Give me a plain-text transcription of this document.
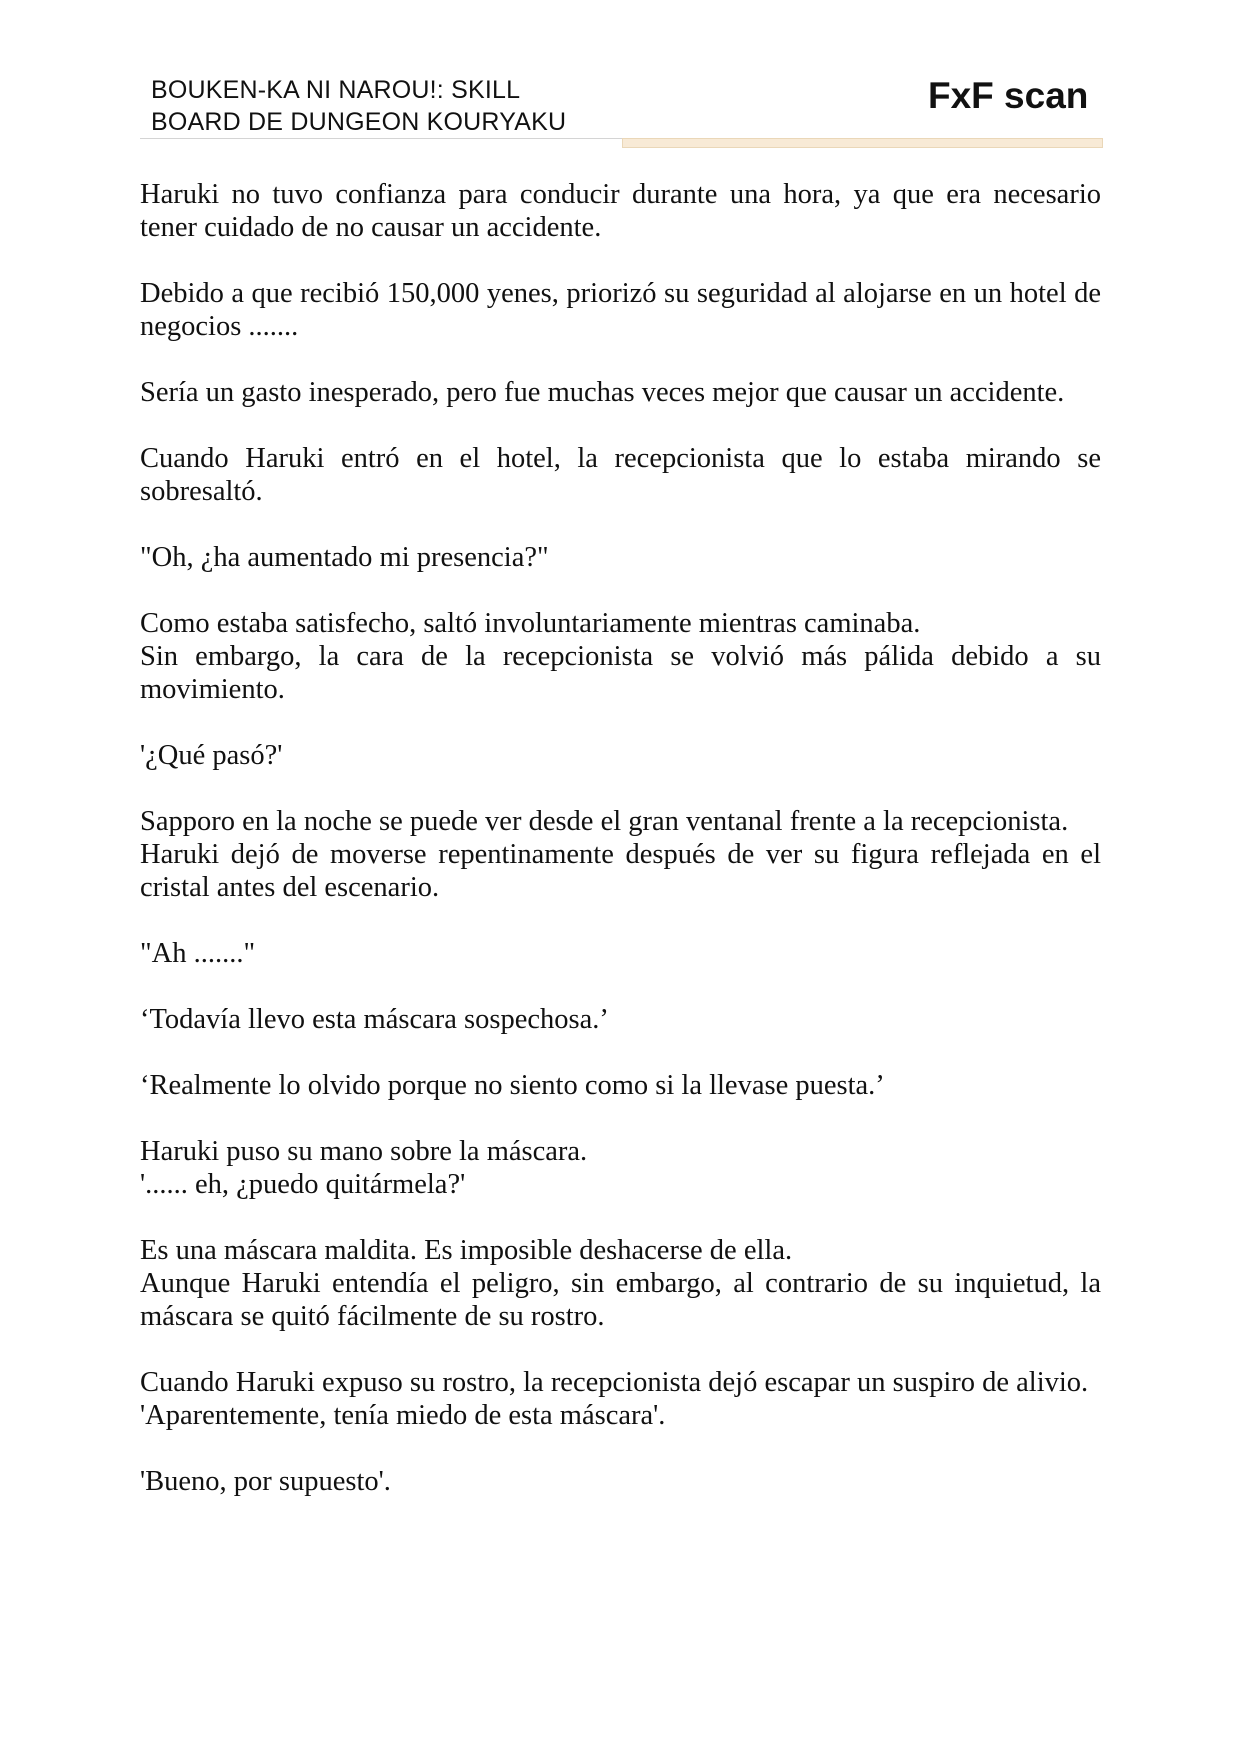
BOUKEN-KA NI NAROU!: SKILL
BOARD DE DUNGEON KOURYAKU
FxF scan

Haruki no tuvo confianza para conducir durante una hora, ya que era necesario tener cuidado de no causar un accidente.

Debido a que recibió 150,000 yenes, priorizó su seguridad al alojarse en un hotel de negocios .......

Sería un gasto inesperado, pero fue muchas veces mejor que causar un accidente.

Cuando Haruki entró en el hotel, la recepcionista que lo estaba mirando se sobresaltó.

"Oh, ¿ha aumentado mi presencia?"

Como estaba satisfecho, saltó involuntariamente mientras caminaba.
Sin embargo, la cara de la recepcionista se volvió más pálida debido a su movimiento.

'¿Qué pasó?'

Sapporo en la noche se puede ver desde el gran ventanal frente a la recepcionista.
Haruki dejó de moverse repentinamente después de ver su figura reflejada en el cristal antes del escenario.

"Ah ......."

‘Todavía llevo esta máscara sospechosa.’

‘Realmente lo olvido porque no siento como si la llevase puesta.’

Haruki puso su mano sobre la máscara.
'...... eh, ¿puedo quitármela?'

Es una máscara maldita. Es imposible deshacerse de ella.
Aunque Haruki entendía el peligro, sin embargo, al contrario de su inquietud, la máscara se quitó fácilmente de su rostro.

Cuando Haruki expuso su rostro, la recepcionista dejó escapar un suspiro de alivio.
'Aparentemente, tenía miedo de esta máscara'.

'Bueno, por supuesto'.
